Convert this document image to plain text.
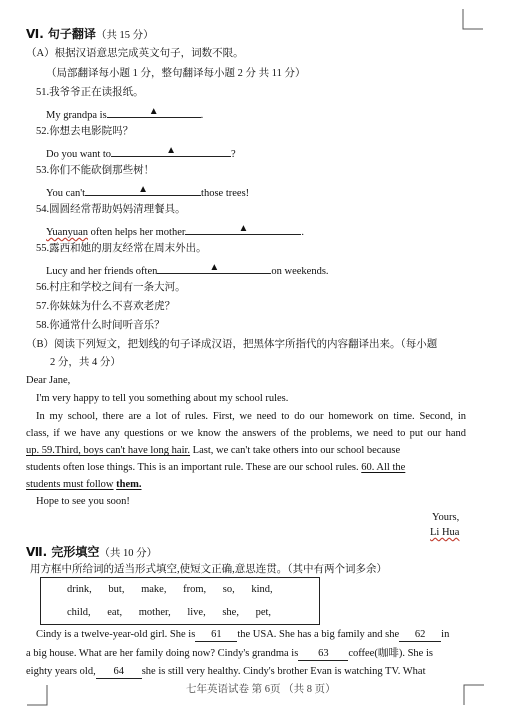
Ⅵ. 句子翻译（共 15 分）
（A）根据汉语意思完成英文句子，词数不限。
（局部翻译每小题 1 分，整句翻译每小题 2 分 共 11 分）
51.我爷爷正在读报纸。
My grandpa is	▲	.
52.你想去电影院吗？
Do you want to	▲	?
53.你们不能砍倒那些树！
You can't	▲	those trees!
54.圆圆经常帮助妈妈清理餐具。
Yuanyuan often helps her mother	▲	.
55.露西和她的朋友经常在周末外出。
Lucy and her friends often	▲	on weekends.
56.村庄和学校之间有一条大河。
57.你妹妹为什么不喜欢老虎？
58.你通常什么时间听音乐？
（B）阅读下列短文，把划线的句子译成汉语，把黑体字所指代的内容翻译出来。（每小题
2 分，共 4 分）
Dear Jane,
I'm very happy to tell you something about my school rules.
In my school, there are a lot of rules. First, we need to do our homework on time. Second, in
class, if we have any questions or we know the answers of the problems, we need to put our hand
up. 59.Third, boys can't have long hair. Last, we can't take others into our school because
students often lose things. This is an important rule. These are our school rules. 60. All the
students must follow them.
Hope to see you soon!
Yours,
Li Hua
Ⅶ. 完形填空（共 10 分）
用方框中所给词的适当形式填空,使短文正确,意思连贯。（其中有两个词多余）
drink, but, make, from, so, kind,
child, eat, mother, live, she, pet,
Cindy is a twelve-year-old girl. She is 61 the USA. She has a big family and she 62 in
a big house. What are her family doing now? Cindy's grandma is 63 coffee(咖啡). She is
eighty years old, 64 she is still very healthy. Cindy's brother Evan is watching TV. What
七年英语试卷 第 6页 （共 8 页）
